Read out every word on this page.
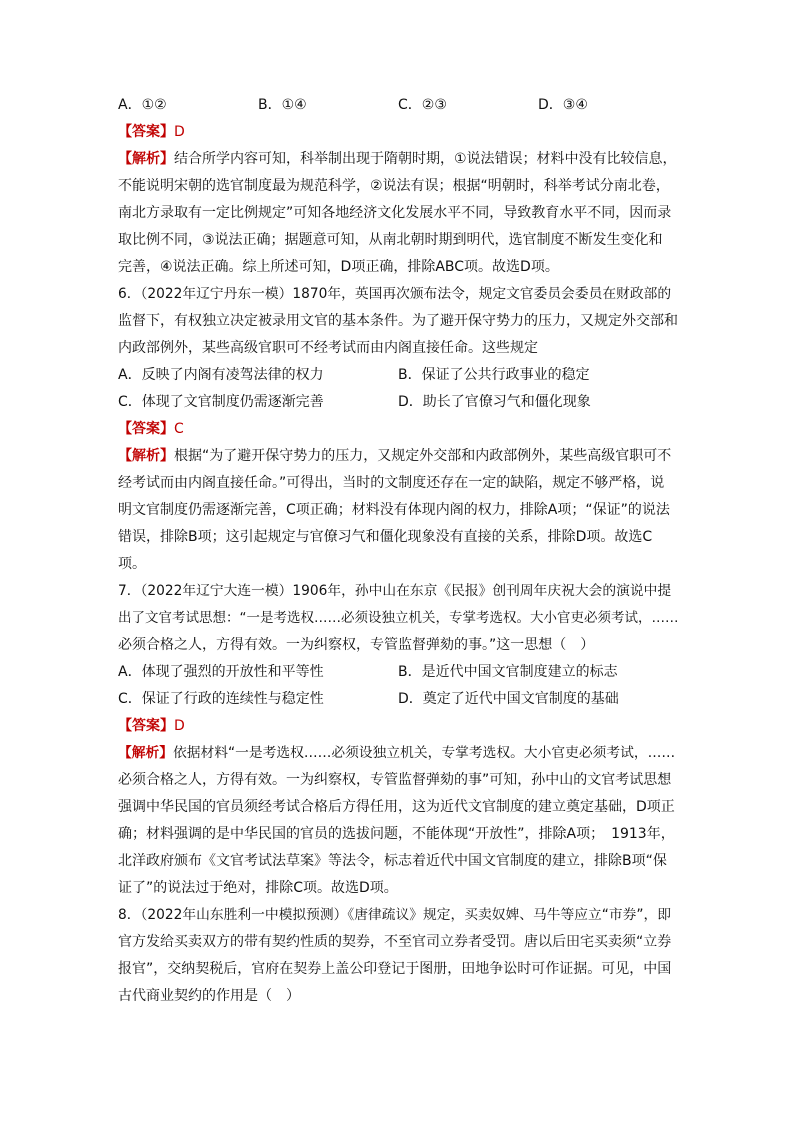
A．①②	B．①④	C．②③	D．③④
【答案】D
【解析】结合所学内容可知，科举制出现于隋朝时期，①说法错误；材料中没有比较信息，
不能说明宋朝的选官制度最为规范科学，②说法有误；根据“明朝时，科举考试分南北卷，
南北方录取有一定比例规定”可知各地经济文化发展水平不同，导致教育水平不同，因而录
取比例不同，③说法正确；据题意可知，从南北朝时期到明代，选官制度不断发生变化和
完善，④说法正确。综上所述可知，D项正确，排除ABC项。故选D项。
6．（2022年辽宁丹东一模）1870年，英国再次颁布法令，规定文官委员会委员在财政部的
监督下，有权独立决定被录用文官的基本条件。为了避开保守势力的压力，又规定外交部和
内政部例外，某些高级官职可不经考试而由内阁直接任命。这些规定
A．反映了内阁有凌驾法律的权力	B．保证了公共行政事业的稳定
C．体现了文官制度仍需逐渐完善	D．助长了官僚习气和僵化现象
【答案】C
【解析】根据“为了避开保守势力的压力，又规定外交部和内政部例外，某些高级官职可不
经考试而由内阁直接任命。”可得出，当时的文制度还存在一定的缺陷，规定不够严格，说
明文官制度仍需逐渐完善，C项正确；材料没有体现内阁的权力，排除A项；“保证”的说法
错误，排除B项；这引起规定与官僚习气和僵化现象没有直接的关系，排除D项。故选C
项。
7．（2022年辽宁大连一模）1906年，孙中山在东京《民报》创刊周年庆祝大会的演说中提
出了文官考试思想：“一是考选权……必须设独立机关，专掌考选权。大小官吏必须考试，……
必须合格之人，方得有效。一为纠察权，专管监督弹劾的事。”这一思想（　）
A．体现了强烈的开放性和平等性	B．是近代中国文官制度建立的标志
C．保证了行政的连续性与稳定性	D．奠定了近代中国文官制度的基础
【答案】D
【解析】依据材料“一是考选权……必须设独立机关，专掌考选权。大小官吏必须考试，……
必须合格之人，方得有效。一为纠察权，专管监督弹劾的事”可知，孙中山的文官考试思想
强调中华民国的官员须经考试合格后方得任用，这为近代文官制度的建立奠定基础，D项正
确；材料强调的是中华民国的官员的选拔问题，不能体现“开放性”，排除A项；　1913年，
北洋政府颁布《文官考试法草案》等法令，标志着近代中国文官制度的建立，排除B项“保
证了”的说法过于绝对，排除C项。故选D项。
8．（2022年山东胜利一中模拟预测）《唐律疏议》规定，买卖奴婢、马牛等应立“市券”，即
官方发给买卖双方的带有契约性质的契券，不至官司立券者受罚。唐以后田宅买卖须“立券
报官”，交纳契税后，官府在契券上盖公印登记于图册，田地争讼时可作证据。可见，中国
古代商业契约的作用是（　）
